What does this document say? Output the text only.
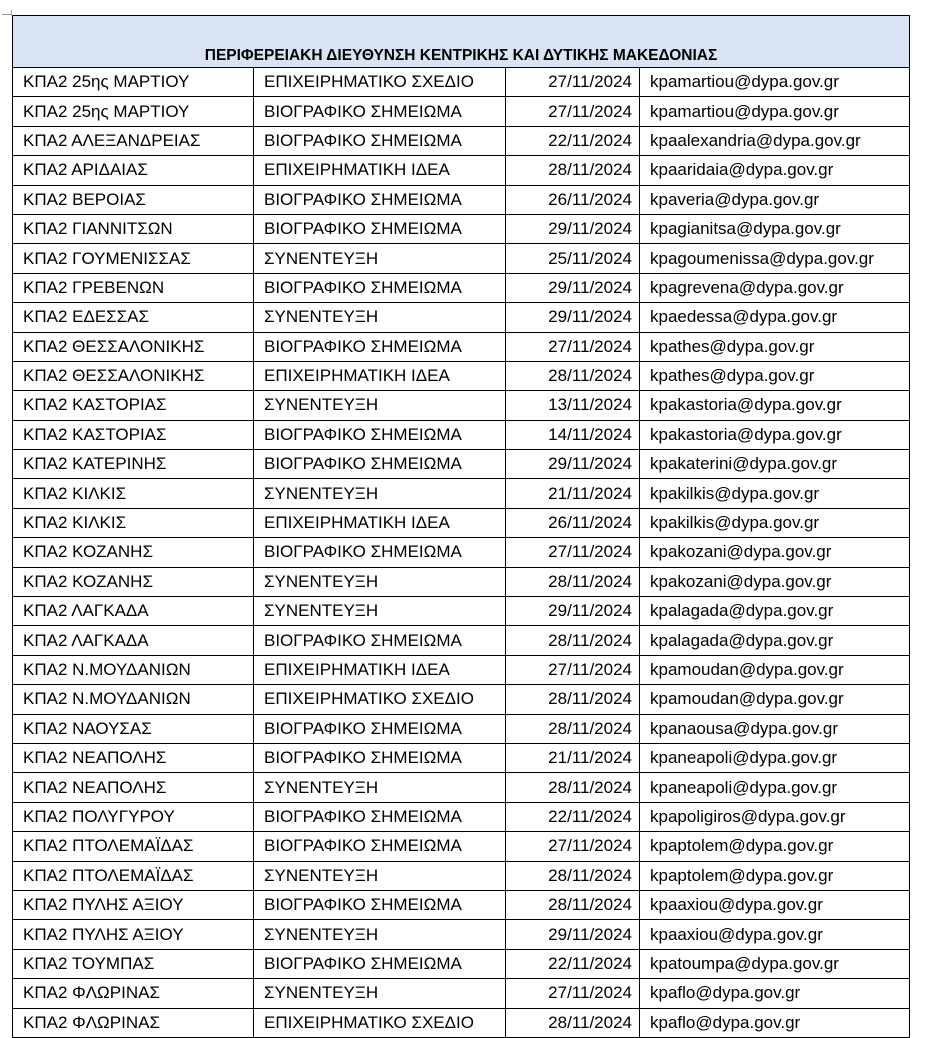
ΠΕΡΙΦΕΡΕΙΑΚΗ ΔΙΕΥΘΥΝΣΗ ΚΕΝΤΡΙΚΗΣ ΚΑΙ ΔΥΤΙΚΗΣ ΜΑΚΕΔΟΝΙΑΣ			
ΚΠΑ2 25ης ΜΑΡΤΙΟΥ	ΕΠΙΧΕΙΡΗΜΑΤΙΚΟ ΣΧΕΔΙΟ	27/11/2024	kpamartiou@dypa.gov.gr
ΚΠΑ2 25ης ΜΑΡΤΙΟΥ	ΒΙΟΓΡΑΦΙΚΟ ΣΗΜΕΙΩΜΑ	27/11/2024	kpamartiou@dypa.gov.gr
ΚΠΑ2 ΑΛΕΞΑΝΔΡΕΙΑΣ	ΒΙΟΓΡΑΦΙΚΟ ΣΗΜΕΙΩΜΑ	22/11/2024	kpaalexandria@dypa.gov.gr
ΚΠΑ2 ΑΡΙΔΑΙΑΣ	ΕΠΙΧΕΙΡΗΜΑΤΙΚΗ ΙΔΕΑ	28/11/2024	kpaaridaia@dypa.gov.gr
ΚΠΑ2 ΒΕΡΟΙΑΣ	ΒΙΟΓΡΑΦΙΚΟ ΣΗΜΕΙΩΜΑ	26/11/2024	kpaveria@dypa.gov.gr
ΚΠΑ2 ΓΙΑΝΝΙΤΣΩΝ	ΒΙΟΓΡΑΦΙΚΟ ΣΗΜΕΙΩΜΑ	29/11/2024	kpagianitsa@dypa.gov.gr
ΚΠΑ2 ΓΟΥΜΕΝΙΣΣΑΣ	ΣΥΝΕΝΤΕΥΞΗ	25/11/2024	kpagoumenissa@dypa.gov.gr
ΚΠΑ2 ΓΡΕΒΕΝΩΝ	ΒΙΟΓΡΑΦΙΚΟ ΣΗΜΕΙΩΜΑ	29/11/2024	kpagrevena@dypa.gov.gr
ΚΠΑ2 ΕΔΕΣΣΑΣ	ΣΥΝΕΝΤΕΥΞΗ	29/11/2024	kpaedessa@dypa.gov.gr
ΚΠΑ2 ΘΕΣΣΑΛΟΝΙΚΗΣ	ΒΙΟΓΡΑΦΙΚΟ ΣΗΜΕΙΩΜΑ	27/11/2024	kpathes@dypa.gov.gr
ΚΠΑ2 ΘΕΣΣΑΛΟΝΙΚΗΣ	ΕΠΙΧΕΙΡΗΜΑΤΙΚΗ ΙΔΕΑ	28/11/2024	kpathes@dypa.gov.gr
ΚΠΑ2 ΚΑΣΤΟΡΙΑΣ	ΣΥΝΕΝΤΕΥΞΗ	13/11/2024	kpakastoria@dypa.gov.gr
ΚΠΑ2 ΚΑΣΤΟΡΙΑΣ	ΒΙΟΓΡΑΦΙΚΟ ΣΗΜΕΙΩΜΑ	14/11/2024	kpakastoria@dypa.gov.gr
ΚΠΑ2 ΚΑΤΕΡΙΝΗΣ	ΒΙΟΓΡΑΦΙΚΟ ΣΗΜΕΙΩΜΑ	29/11/2024	kpakaterini@dypa.gov.gr
ΚΠΑ2 ΚΙΛΚΙΣ	ΣΥΝΕΝΤΕΥΞΗ	21/11/2024	kpakilkis@dypa.gov.gr
ΚΠΑ2 ΚΙΛΚΙΣ	ΕΠΙΧΕΙΡΗΜΑΤΙΚΗ ΙΔΕΑ	26/11/2024	kpakilkis@dypa.gov.gr
ΚΠΑ2 ΚΟΖΑΝΗΣ	ΒΙΟΓΡΑΦΙΚΟ ΣΗΜΕΙΩΜΑ	27/11/2024	kpakozani@dypa.gov.gr
ΚΠΑ2 ΚΟΖΑΝΗΣ	ΣΥΝΕΝΤΕΥΞΗ	28/11/2024	kpakozani@dypa.gov.gr
ΚΠΑ2 ΛΑΓΚΑΔΑ	ΣΥΝΕΝΤΕΥΞΗ	29/11/2024	kpalagada@dypa.gov.gr
ΚΠΑ2 ΛΑΓΚΑΔΑ	ΒΙΟΓΡΑΦΙΚΟ ΣΗΜΕΙΩΜΑ	28/11/2024	kpalagada@dypa.gov.gr
ΚΠΑ2 Ν.ΜΟΥΔΑΝΙΩΝ	ΕΠΙΧΕΙΡΗΜΑΤΙΚΗ ΙΔΕΑ	27/11/2024	kpamoudan@dypa.gov.gr
ΚΠΑ2 Ν.ΜΟΥΔΑΝΙΩΝ	ΕΠΙΧΕΙΡΗΜΑΤΙΚΟ ΣΧΕΔΙΟ	28/11/2024	kpamoudan@dypa.gov.gr
ΚΠΑ2 ΝΑΟΥΣΑΣ	ΒΙΟΓΡΑΦΙΚΟ ΣΗΜΕΙΩΜΑ	28/11/2024	kpanaousa@dypa.gov.gr
ΚΠΑ2 ΝΕΑΠΟΛΗΣ	ΒΙΟΓΡΑΦΙΚΟ ΣΗΜΕΙΩΜΑ	21/11/2024	kpaneapoli@dypa.gov.gr
ΚΠΑ2 ΝΕΑΠΟΛΗΣ	ΣΥΝΕΝΤΕΥΞΗ	28/11/2024	kpaneapoli@dypa.gov.gr
ΚΠΑ2 ΠΟΛΥΓΥΡΟΥ	ΒΙΟΓΡΑΦΙΚΟ ΣΗΜΕΙΩΜΑ	22/11/2024	kpapoligiros@dypa.gov.gr
ΚΠΑ2 ΠΤΟΛΕΜΑΪΔΑΣ	ΒΙΟΓΡΑΦΙΚΟ ΣΗΜΕΙΩΜΑ	27/11/2024	kpaptolem@dypa.gov.gr
ΚΠΑ2 ΠΤΟΛΕΜΑΪΔΑΣ	ΣΥΝΕΝΤΕΥΞΗ	28/11/2024	kpaptolem@dypa.gov.gr
ΚΠΑ2 ΠΥΛΗΣ ΑΞΙΟΥ	ΒΙΟΓΡΑΦΙΚΟ ΣΗΜΕΙΩΜΑ	28/11/2024	kpaaxiou@dypa.gov.gr
ΚΠΑ2 ΠΥΛΗΣ ΑΞΙΟΥ	ΣΥΝΕΝΤΕΥΞΗ	29/11/2024	kpaaxiou@dypa.gov.gr
ΚΠΑ2 ΤΟΥΜΠΑΣ	ΒΙΟΓΡΑΦΙΚΟ ΣΗΜΕΙΩΜΑ	22/11/2024	kpatoumpa@dypa.gov.gr
ΚΠΑ2 ΦΛΩΡΙΝΑΣ	ΣΥΝΕΝΤΕΥΞΗ	27/11/2024	kpaflo@dypa.gov.gr
ΚΠΑ2 ΦΛΩΡΙΝΑΣ	ΕΠΙΧΕΙΡΗΜΑΤΙΚΟ ΣΧΕΔΙΟ	28/11/2024	kpaflo@dypa.gov.gr
